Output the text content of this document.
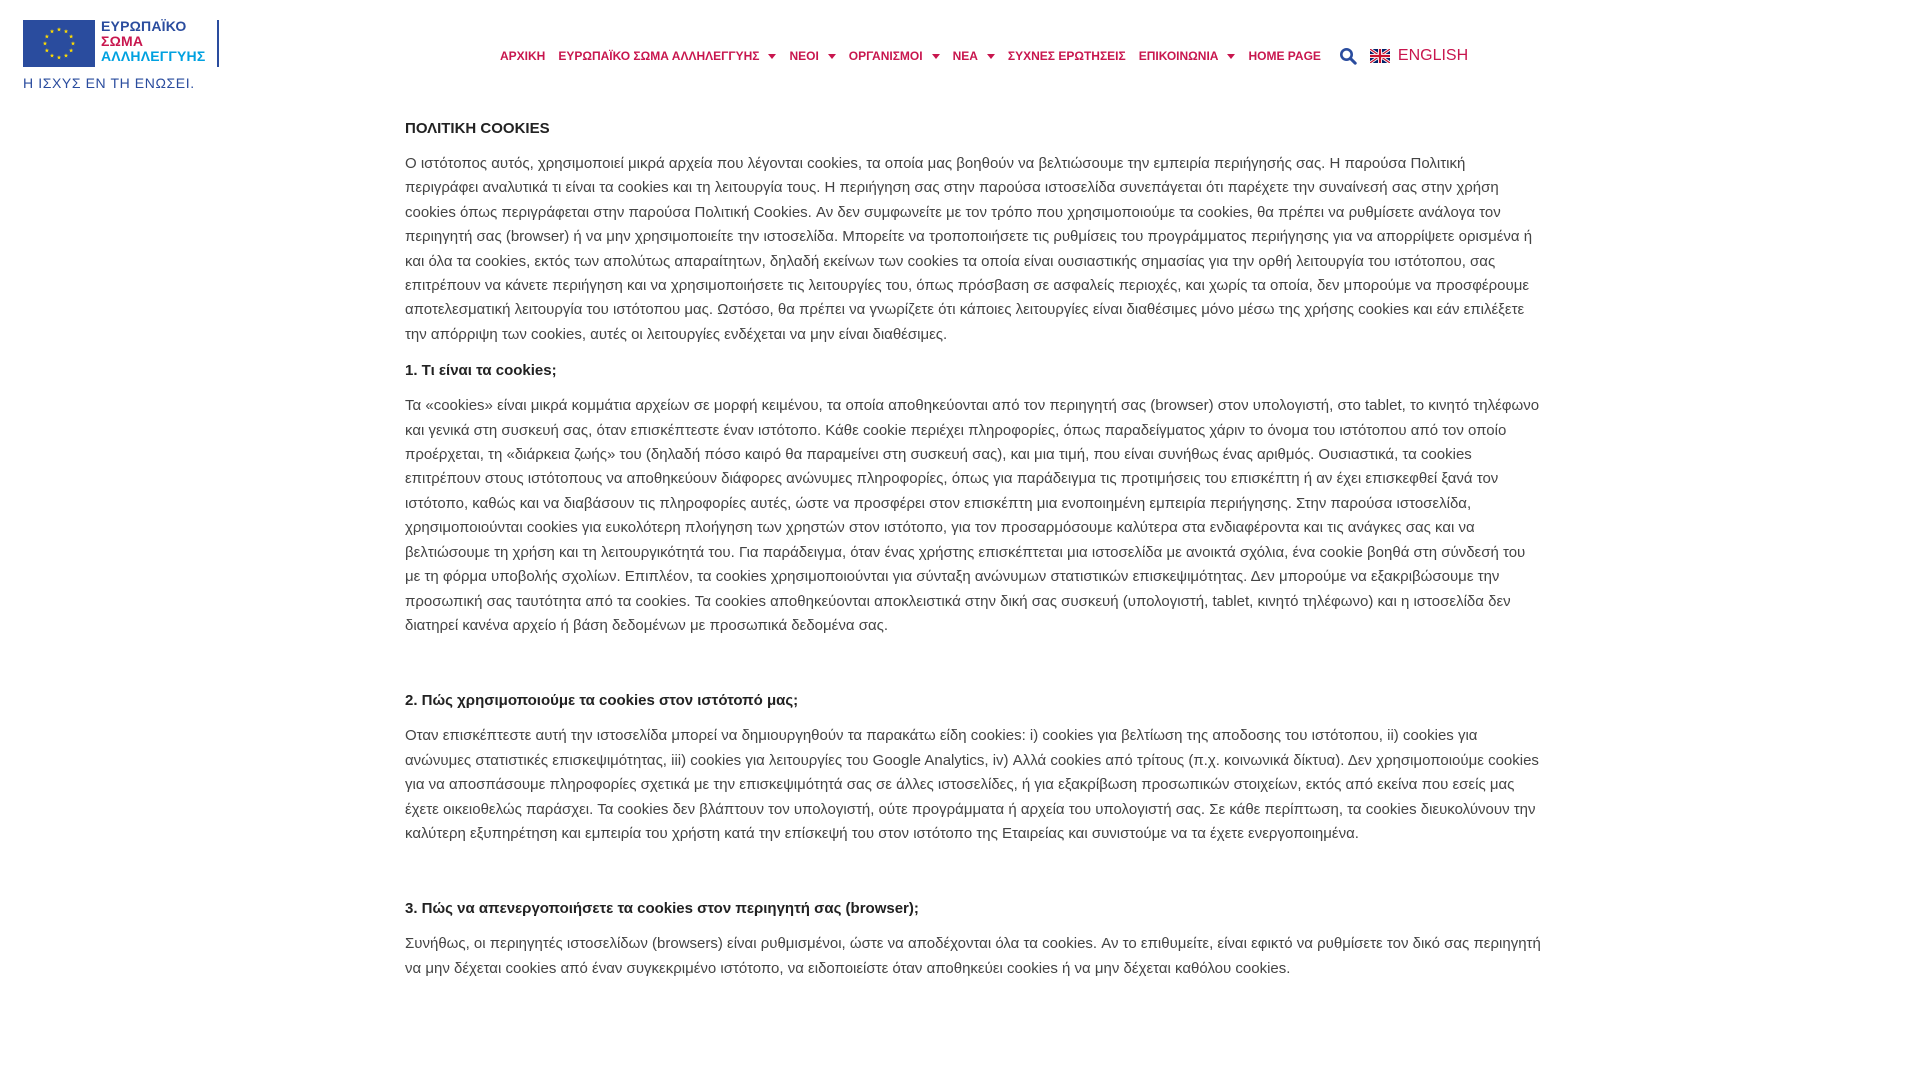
ΕΥΡΩΠΑΪΚΟ
ΣΩΜΑ
ΑΛΛΗΛΕΓΓΥΗΣ
Η ΙΣΧΥΣ ΕΝ ΤΗ ΕΝΩΣΕΙ.
ΑΡΧΙΚΗ ΕΥΡΩΠΑΪΚΟ ΣΩΜΑ ΑΛΛΗΛΕΓΓΥΗΣ	ΝΕΟΙ	ΟΡΓΑΝΙΣΜΟΙ	ΝΕΑ	ΣΥΧΝΕΣ ΕΡΩΤΗΣΕΙΣ ΕΠΙΚΟΙΝΩΝΙΑ	HOME PAGE	ENGLISH
ΠΟΛΙΤΙΚΗ COOKIES

Ο ιστότοπος αυτός, χρησιμοποιεί μικρά αρχεία που λέγονται cookies, τα οποία μας βοηθούν να βελτιώσουμε την εμπειρία περιήγησής σας. Η παρούσα Πολιτική περιγράφει αναλυτικά τι είναι τα cookies και τη λειτουργία τους. Η περιήγηση σας στην παρούσα ιστοσελίδα συνεπάγεται ότι παρέχετε την συναίνεσή σας στην χρήση cookies όπως περιγράφεται στην παρούσα Πολιτική Cookies. Αν δεν συμφωνείτε με τον τρόπο που χρησιμοποιούμε τα cookies, θα πρέπει να ρυθμίσετε ανάλογα τον περιηγητή σας (browser) ή να μην χρησιμοποιείτε την ιστοσελίδα. Μπορείτε να τροποποιήσετε τις ρυθμίσεις του προγράμματος περιήγησης για να απορρίψετε ορισμένα ή και όλα τα cookies, εκτός των απολύτως απαραίτητων, δηλαδή εκείνων των cookies τα οποία είναι ουσιαστικής σημασίας για την ορθή λειτουργία του ιστότοπου, σας επιτρέπουν να κάνετε περιήγηση και να χρησιμοποιήσετε τις λειτουργίες του, όπως πρόσβαση σε ασφαλείς περιοχές, και χωρίς τα οποία, δεν μπορούμε να προσφέρουμε αποτελεσματική λειτουργία του ιστότοπου μας. Ωστόσο, θα πρέπει να γνωρίζετε ότι κάποιες λειτουργίες είναι διαθέσιμες μόνο μέσω της χρήσης cookies και εάν επιλέξετε την απόρριψη των cookies, αυτές οι λειτουργίες ενδέχεται να μην είναι διαθέσιμες.

1. Τι είναι τα cookies;

Τα «cookies» είναι μικρά κομμάτια αρχείων σε μορφή κειμένου, τα οποία αποθηκεύονται από τον περιηγητή σας (browser) στον υπολογιστή, στο tablet, το κινητό τηλέφωνο και γενικά στη συσκευή σας, όταν επισκέπτεστε έναν ιστότοπο. Κάθε cookie περιέχει πληροφορίες, όπως παραδείγματος χάριν το όνομα του ιστότοπου από τον οποίο προέρχεται, τη «διάρκεια ζωής» του (δηλαδή πόσο καιρό θα παραμείνει στη συσκευή σας), και μια τιμή, που είναι συνήθως ένας αριθμός. Ουσιαστικά, τα cookies επιτρέπουν στους ιστότοπους να αποθηκεύουν διάφορες ανώνυμες πληροφορίες, όπως για παράδειγμα τις προτιμήσεις του επισκέπτη ή αν έχει επισκεφθεί ξανά τον ιστότοπο, καθώς και να διαβάσουν τις πληροφορίες αυτές, ώστε να προσφέρει στον επισκέπτη μια ενοποιημένη εμπειρία περιήγησης. Στην παρούσα ιστοσελίδα, χρησιμοποιούνται cookies για ευκολότερη πλοήγηση των χρηστών στον ιστότοπο, για τον προσαρμόσουμε καλύτερα στα ενδιαφέροντα και τις ανάγκες σας και να βελτιώσουμε τη χρήση και τη λειτουργικότητά του. Για παράδειγμα, όταν ένας χρήστης επισκέπτεται μια ιστοσελίδα με ανοικτά σχόλια, ένα cookie βοηθά στη σύνδεσή του με τη φόρμα υποβολής σχολίων. Επιπλέον, τα cookies χρησιμοποιούνται για σύνταξη ανώνυμων στατιστικών επισκεψιμότητας. Δεν μπορούμε να εξακριβώσουμε την προσωπική σας ταυτότητα από τα cookies. Τα cookies αποθηκεύονται αποκλειστικά στην δική σας συσκευή (υπολογιστή, tablet, κινητό τηλέφωνο) και η ιστοσελίδα δεν διατηρεί κανένα αρχείο ή βάση δεδομένων με προσωπικά δεδομένα σας.

2. Πώς χρησιμοποιούμε τα cookies στον ιστότοπό μας;

Οταν επισκέπτεστε αυτή την ιστοσελίδα μπορεί να δημιουργηθούν τα παρακάτω είδη cookies: i) cookies για βελτίωση της αποδοσης του ιστότοπου, ii) cookies για ανώνυμες στατιστικές επισκεψιμότητας, iii) cookies για λειτουργίες του Google Analytics, iv) Αλλά cookies από τρίτους (π.χ. κοινωνικά δίκτυα). Δεν χρησιμοποιούμε cookies για να αποσπάσουμε πληροφορίες σχετικά με την επισκεψιμότητά σας σε άλλες ιστοσελίδες, ή για εξακρίβωση προσωπικών στοιχείων, εκτός από εκείνα που εσείς μας έχετε οικειοθελώς παράσχει. Τα cookies δεν βλάπτουν τον υπολογιστή, ούτε προγράμματα ή αρχεία του υπολογιστή σας. Σε κάθε περίπτωση, τα cookies διευκολύνουν την καλύτερη εξυπηρέτηση και εμπειρία του χρήστη κατά την επίσκεψή του στον ιστότοπο της Εταιρείας και συνιστούμε να τα έχετε ενεργοποιημένα.

3. Πώς να απενεργοποιήσετε τα cookies στον περιηγητή σας (browser);

Συνήθως, οι περιηγητές ιστοσελίδων (browsers) είναι ρυθμισμένοι, ώστε να αποδέχονται όλα τα cookies. Αν το επιθυμείτε, είναι εφικτό να ρυθμίσετε τον δικό σας περιηγητή να μην δέχεται cookies από έναν συγκεκριμένο ιστότοπο, να ειδοποιείστε όταν αποθηκεύει cookies ή να μην δέχεται καθόλου cookies.
